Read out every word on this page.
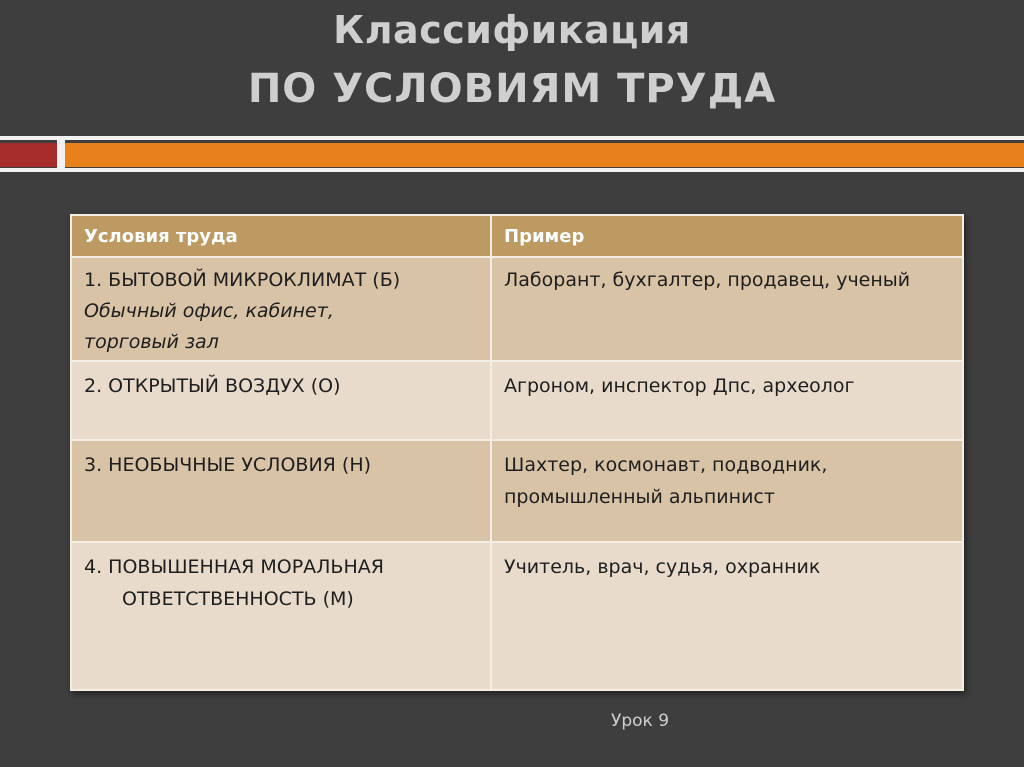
Классификация
ПО УСЛОВИЯМ ТРУДА
Условия труда	Пример

1. БЫТОВОЙ МИКРОКЛИМАТ (Б)
Обычный офис, кабинет,
торговый зал	Лаборант, бухгалтер, продавец, ученый

2. ОТКРЫТЫЙ ВОЗДУХ (О)	Агроном, инспектор Дпс, археолог

3. НЕОБЫЧНЫЕ УСЛОВИЯ (Н)	Шахтер, космонавт, подводник,
промышленный альпинист

4. ПОВЫШЕННАЯ МОРАЛЬНАЯ
ОТВЕТСТВЕННОСТЬ (М)	Учитель, врач, судья, охранник
Урок 9
